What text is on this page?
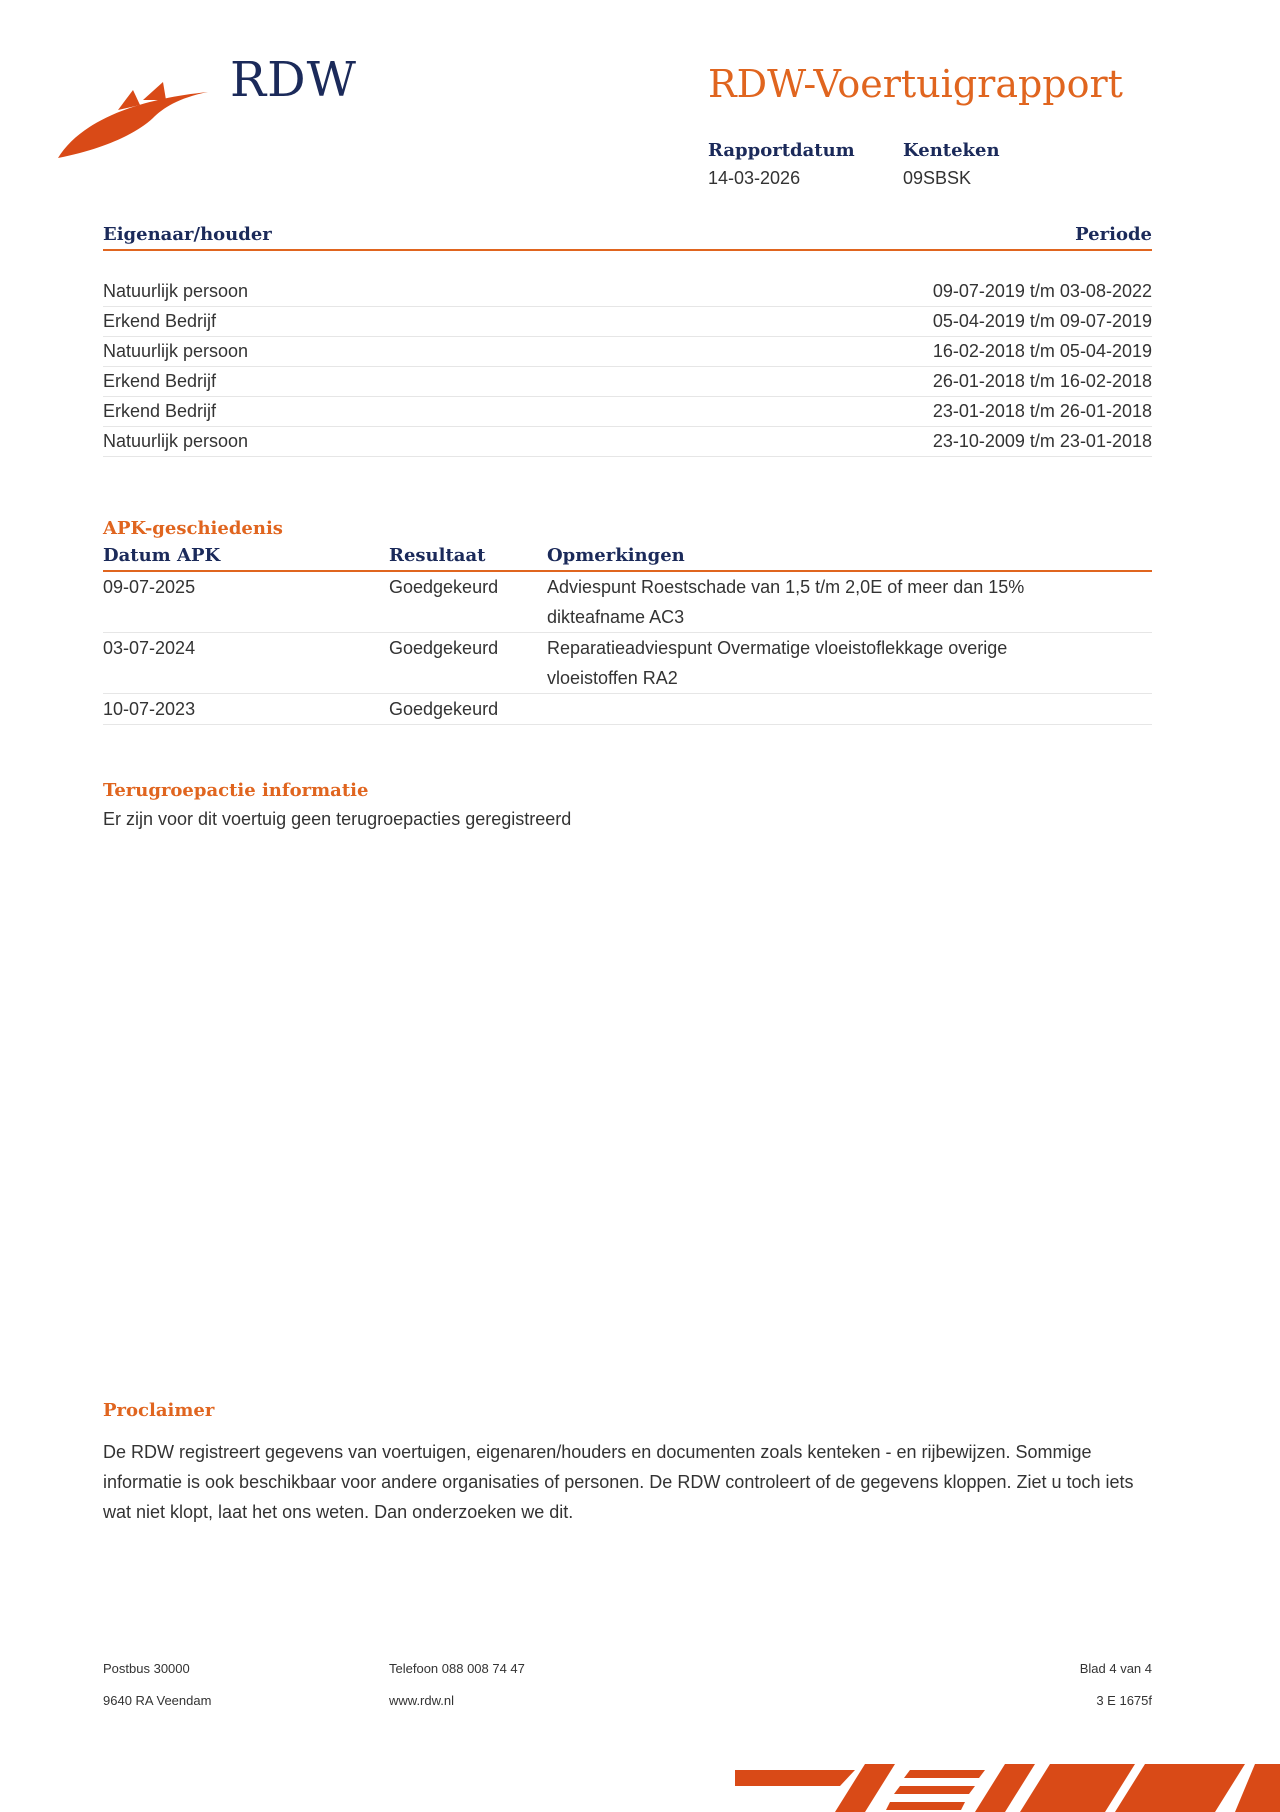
RDW	RDW-Voertuigrapport
Rapportdatum
14-03-2026
Kenteken
09SBSK
Eigenaar/houder	Periode
Natuurlijk persoon	09-07-2019 t/m 03-08-2022
Erkend Bedrijf	05-04-2019 t/m 09-07-2019
Natuurlijk persoon	16-02-2018 t/m 05-04-2019
Erkend Bedrijf	26-01-2018 t/m 16-02-2018
Erkend Bedrijf	23-01-2018 t/m 26-01-2018
Natuurlijk persoon	23-10-2009 t/m 23-01-2018
APK-geschiedenis
Datum APK	Resultaat	Opmerkingen
09-07-2025	Goedgekeurd	Adviespunt Roestschade van 1,5 t/m 2,0E of meer dan 15% dikteafname AC3
03-07-2024	Goedgekeurd	Reparatieadviespunt Overmatige vloeistoflekkage overige vloeistoffen RA2
10-07-2023	Goedgekeurd
Terugroepactie informatie
Er zijn voor dit voertuig geen terugroepacties geregistreerd
Proclaimer
De RDW registreert gegevens van voertuigen, eigenaren/houders en documenten zoals kenteken - en rijbewijzen. Sommige informatie is ook beschikbaar voor andere organisaties of personen. De RDW controleert of de gegevens kloppen. Ziet u toch iets wat niet klopt, laat het ons weten. Dan onderzoeken we dit.
Postbus 30000
9640 RA Veendam
Telefoon 088 008 74 47
www.rdw.nl
Blad 4 van 4
3 E 1675f
